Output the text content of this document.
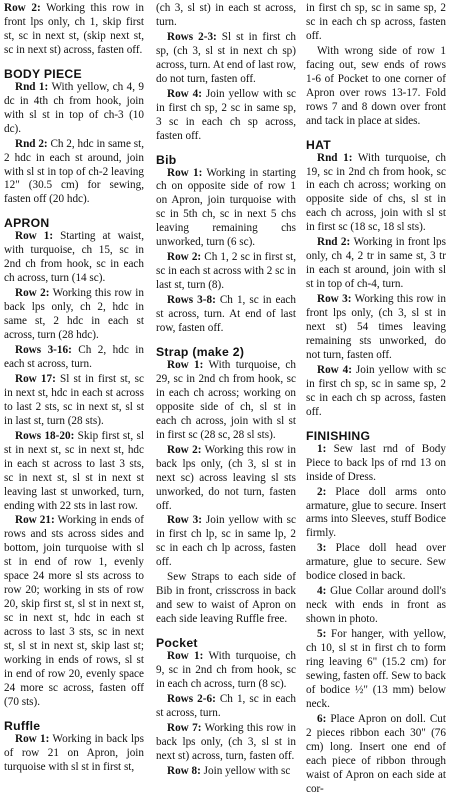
Row 2: Working this row in front lps only, ch 1, skip first st, sc in next st, (skip next st, sc in next st) across, fasten off.
BODY PIECE
Rnd 1: With yellow, ch 4, 9 dc in 4th ch from hook, join with sl st in top of ch-3 (10 dc).
Rnd 2: Ch 2, hdc in same st, 2 hdc in each st around, join with sl st in top of ch-2 leaving 12" (30.5 cm) for sewing, fasten off (20 hdc).
APRON
Row 1: Starting at waist, with turquoise, ch 15, sc in 2nd ch from hook, sc in each ch across, turn (14 sc).
Row 2: Working this row in back lps only, ch 2, hdc in same st, 2 hdc in each st across, turn (28 hdc).
Rows 3-16: Ch 2, hdc in each st across, turn.
Row 17: Sl st in first st, sc in next st, hdc in each st across to last 2 sts, sc in next st, sl st in last st, turn (28 sts).
Rows 18-20: Skip first st, sl st in next st, sc in next st, hdc in each st across to last 3 sts, sc in next st, sl st in next st leaving last st unworked, turn, ending with 22 sts in last row.
Row 21: Working in ends of rows and sts across sides and bottom, join turquoise with sl st in end of row 1, evenly space 24 more sl sts across to row 20; working in sts of row 20, skip first st, sl st in next st, sc in next st, hdc in each st across to last 3 sts, sc in next st, sl st in next st, skip last st; working in ends of rows, sl st in end of row 20, evenly space 24 more sc across, fasten off (70 sts).
Ruffle
Row 1: Working in back lps of row 21 on Apron, join turquoise with sl st in first st,
(ch 3, sl st) in each st across, turn.
Rows 2-3: Sl st in first ch sp, (ch 3, sl st in next ch sp) across, turn. At end of last row, do not turn, fasten off.
Row 4: Join yellow with sc in first ch sp, 2 sc in same sp, 3 sc in each ch sp across, fasten off.
Bib
Row 1: Working in starting ch on opposite side of row 1 on Apron, join turquoise with sc in 5th ch, sc in next 5 chs leaving remaining chs unworked, turn (6 sc).
Row 2: Ch 1, 2 sc in first st, sc in each st across with 2 sc in last st, turn (8).
Rows 3-8: Ch 1, sc in each st across, turn. At end of last row, fasten off.
Strap (make 2)
Row 1: With turquoise, ch 29, sc in 2nd ch from hook, sc in each ch across; working on opposite side of ch, sl st in each ch across, join with sl st in first sc (28 sc, 28 sl sts).
Row 2: Working this row in back lps only, (ch 3, sl st in next sc) across leaving sl sts unworked, do not turn, fasten off.
Row 3: Join yellow with sc in first ch lp, sc in same lp, 2 sc in each ch lp across, fasten off.
Sew Straps to each side of Bib in front, crisscross in back and sew to waist of Apron on each side leaving Ruffle free.
Pocket
Row 1: With turquoise, ch 9, sc in 2nd ch from hook, sc in each ch across, turn (8 sc).
Rows 2-6: Ch 1, sc in each st across, turn.
Row 7: Working this row in back lps only, (ch 3, sl st in next st) across, turn, fasten off.
Row 8: Join yellow with sc
in first ch sp, sc in same sp, 2 sc in each ch sp across, fasten off.
With wrong side of row 1 facing out, sew ends of rows 1-6 of Pocket to one corner of Apron over rows 13-17. Fold rows 7 and 8 down over front and tack in place at sides.
HAT
Rnd 1: With turquoise, ch 19, sc in 2nd ch from hook, sc in each ch across; working on opposite side of chs, sl st in each ch across, join with sl st in first sc (18 sc, 18 sl sts).
Rnd 2: Working in front lps only, ch 4, 2 tr in same st, 3 tr in each st around, join with sl st in top of ch-4, turn.
Row 3: Working this row in front lps only, (ch 3, sl st in next st) 54 times leaving remaining sts unworked, do not turn, fasten off.
Row 4: Join yellow with sc in first ch sp, sc in same sp, 2 sc in each ch sp across, fasten off.
FINISHING
1: Sew last rnd of Body Piece to back lps of rnd 13 on inside of Dress.
2: Place doll arms onto armature, glue to secure. Insert arms into Sleeves, stuff Bodice firmly.
3: Place doll head over armature, glue to secure. Sew bodice closed in back.
4: Glue Collar around doll's neck with ends in front as shown in photo.
5: For hanger, with yellow, ch 10, sl st in first ch to form ring leaving 6" (15.2 cm) for sewing, fasten off. Sew to back of bodice ½" (13 mm) below neck.
6: Place Apron on doll. Cut 2 pieces ribbon each 30" (76 cm) long. Insert one end of each piece of ribbon through waist of Apron on each side at cor-
